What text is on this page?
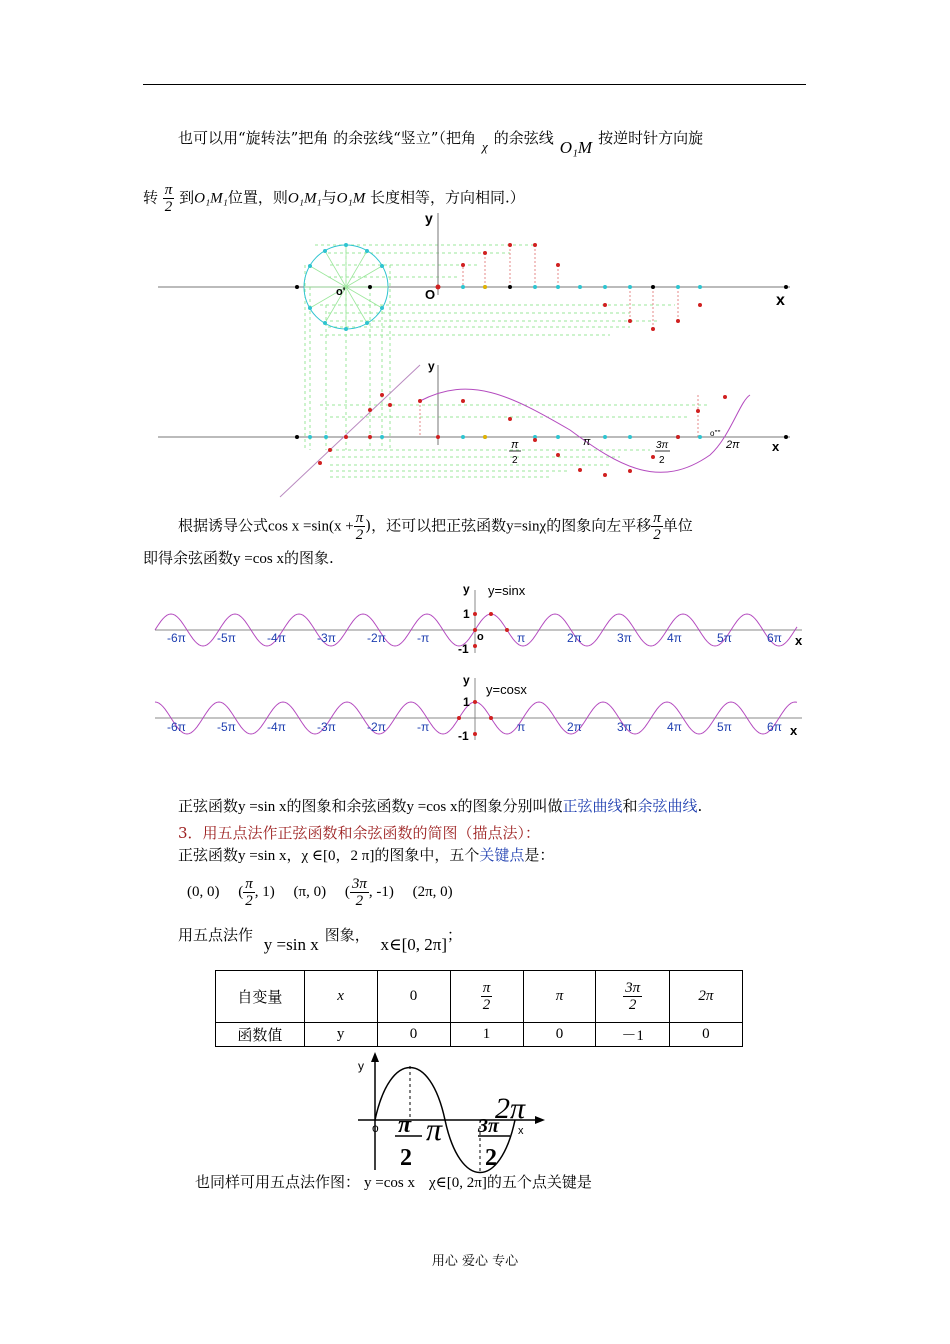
也可以用“旋转法”把角 的余弦线“竖立”（把角 χ 的余弦线 O₁M 按逆时针方向旋
转 $\frac{\pi}{2}$ 到O₁M₁位置，则O₁M₁与O₁M 长度相等，方向相同.）
y
o'	O	x
y
π
2
π	3π
2
2π
o''''
x
根据诱导公式$\cos x =\sin(x + \frac{\pi}{2}$ )，还可以把正弦函数y=sinχ的图象向左平移 $\frac{\pi}{2}$ 单位
即得余弦函数y =cos x的图象.
y y=sinx
1
-1
o	x
-6π	-5π	-4π	-3π	-2π	-π	π	2π	3π	4π	5π	6π
y
y=cosx
1
-1	x
-6π	-5π	-4π	-3π	-2π	-π	π	2π	3π	4π	5π	6π
正弦函数y =sin x的图象和余弦函数y =cos x的图象分别叫做正弦曲线和余弦曲线.
3．用五点法作正弦函数和余弦函数的简图（描点法）：
正弦函数y =sin x，χ ∈[0，2 π]的图象中，五个关键点是：
(0, 0) ( $\frac{\pi}{2}$ , 1) (π, 0) ( $\frac{3\pi}{2}$ , -1) (2π, 0)
用五点法作 y =sin x 图象， x∈[0, 2π]；
自变量	x	0	$\frac{\pi}{2}$	π	$\frac{3\pi}{2}$	2π
函数值	y	0	1	0	－1	0
y
o	x
π
2
π 3π
2
2π
也同样可用五点法作图： y =cos x χ∈[0, 2π]的五个点关键是
用心 爱心 专心
